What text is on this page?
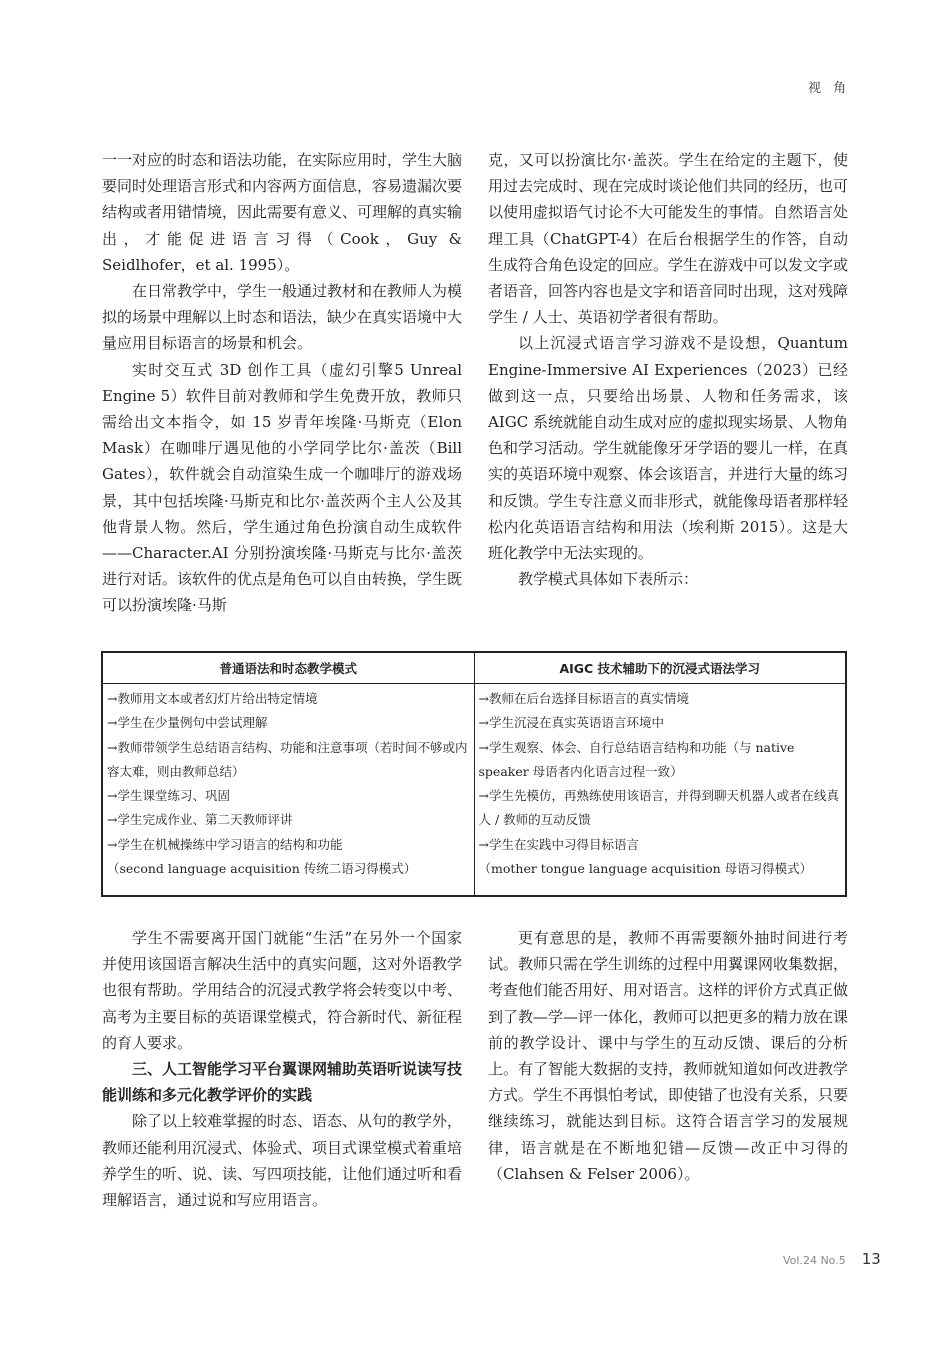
视 角

一一对应的时态和语法功能，在实际应用时，学生大脑要同时处理语言形式和内容两方面信息，容易遗漏次要结构或者用错情境，因此需要有意义、可理解的真实输出，才能促进语言习得（Cook，Guy & Seidlhofer，et al. 1995）。

在日常教学中，学生一般通过教材和在教师人为模拟的场景中理解以上时态和语法，缺少在真实语境中大量应用目标语言的场景和机会。

实时交互式 3D 创作工具（虚幻引擎5 Unreal Engine 5）软件目前对教师和学生免费开放，教师只需给出文本指令，如 15 岁青年埃隆·马斯克（Elon Mask）在咖啡厅遇见他的小学同学比尔·盖茨（Bill Gates），软件就会自动渲染生成一个咖啡厅的游戏场景，其中包括埃隆·马斯克和比尔·盖茨两个主人公及其他背景人物。然后，学生通过角色扮演自动生成软件——Character.AI 分别扮演埃隆·马斯克与比尔·盖茨进行对话。该软件的优点是角色可以自由转换，学生既可以扮演埃隆·马斯

克，又可以扮演比尔·盖茨。学生在给定的主题下，使用过去完成时、现在完成时谈论他们共同的经历，也可以使用虚拟语气讨论不大可能发生的事情。自然语言处理工具（ChatGPT-4）在后台根据学生的作答，自动生成符合角色设定的回应。学生在游戏中可以发文字或者语音，回答内容也是文字和语音同时出现，这对残障学生 / 人士、英语初学者很有帮助。

以上沉浸式语言学习游戏不是设想，Quantum Engine-Immersive AI Experiences（2023）已经做到这一点，只要给出场景、人物和任务需求，该 AIGC 系统就能自动生成对应的虚拟现实场景、人物角色和学习活动。学生就能像牙牙学语的婴儿一样，在真实的英语环境中观察、体会该语言，并进行大量的练习和反馈。学生专注意义而非形式，就能像母语者那样轻松内化英语语言结构和用法（埃利斯 2015）。这是大班化教学中无法实现的。

教学模式具体如下表所示：

普通语法和时态教学模式	AIGC 技术辅助下的沉浸式语法学习
→教师用文本或者幻灯片给出特定情境
→学生在少量例句中尝试理解
→教师带领学生总结语言结构、功能和注意事项（若时间不够或内容太难，则由教师总结）
→学生课堂练习、巩固
→学生完成作业、第二天教师评讲
→学生在机械操练中学习语言的结构和功能
（second language acquisition 传统二语习得模式）
→教师在后台选择目标语言的真实情境
→学生沉浸在真实英语语言环境中
→学生观察、体会、自行总结语言结构和功能（与 native speaker 母语者内化语言过程一致）
→学生先模仿，再熟练使用该语言，并得到聊天机器人或者在线真人 / 教师的互动反馈
→学生在实践中习得目标语言
（mother tongue language acquisition 母语习得模式）

学生不需要离开国门就能“生活”在另外一个国家并使用该国语言解决生活中的真实问题，这对外语教学也很有帮助。学用结合的沉浸式教学将会转变以中考、高考为主要目标的英语课堂模式，符合新时代、新征程的育人要求。

三、人工智能学习平台翼课网辅助英语听说读写技能训练和多元化教学评价的实践

除了以上较难掌握的时态、语态、从句的教学外，教师还能利用沉浸式、体验式、项目式课堂模式着重培养学生的听、说、读、写四项技能，让他们通过听和看理解语言，通过说和写应用语言。

更有意思的是，教师不再需要额外抽时间进行考试。教师只需在学生训练的过程中用翼课网收集数据，考查他们能否用好、用对语言。这样的评价方式真正做到了教—学—评一体化，教师可以把更多的精力放在课前的教学设计、课中与学生的互动反馈、课后的分析上。有了智能大数据的支持，教师就知道如何改进教学方式。学生不再惧怕考试，即使错了也没有关系，只要继续练习，就能达到目标。这符合语言学习的发展规律，语言就是在不断地犯错—反馈—改正中习得的（Clahsen & Felser 2006）。

Vol.24 No.5 13
